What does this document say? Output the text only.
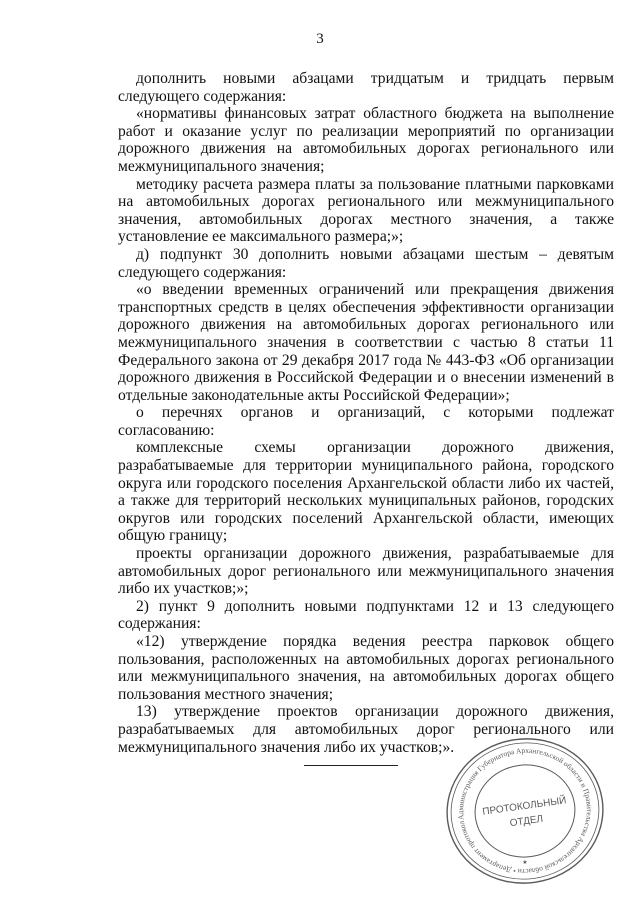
3

дополнить новыми абзацами тридцатым и тридцать первым следующего содержания:

«нормативы финансовых затрат областного бюджета на выполнение работ и оказание услуг по реализации мероприятий по организации дорожного движения на автомобильных дорогах регионального или межмуниципального значения;

методику расчета размера платы за пользование платными парковками на автомобильных дорогах регионального или межмуниципального значения, автомобильных дорогах местного значения, а также установление ее максимального размера;»;

д) подпункт 30 дополнить новыми абзацами шестым – девятым следующего содержания:

«о введении временных ограничений или прекращения движения транспортных средств в целях обеспечения эффективности организации дорожного движения на автомобильных дорогах регионального или межмуниципального значения в соответствии с частью 8 статьи 11 Федерального закона от 29 декабря 2017 года № 443-ФЗ «Об организации дорожного движения в Российской Федерации и о внесении изменений в отдельные законодательные акты Российской Федерации»;

о перечнях органов и организаций, с которыми подлежат согласованию:

комплексные схемы организации дорожного движения, разрабатываемые для территории муниципального района, городского округа или городского поселения Архангельской области либо их частей, а также для территорий нескольких муниципальных районов, городских округов или городских поселений Архангельской области, имеющих общую границу;

проекты организации дорожного движения, разрабатываемые для автомобильных дорог регионального или межмуниципального значения либо их участков;»;

2) пункт 9 дополнить новыми подпунктами 12 и 13 следующего содержания:

«12) утверждение порядка ведения реестра парковок общего пользования, расположенных на автомобильных дорогах регионального или межмуниципального значения, на автомобильных дорогах общего пользования местного значения;

13) утверждение проектов организации дорожного движения, разрабатываемых для автомобильных дорог регионального или межмуниципального значения либо их участков;».

Администрация Губернатора Архангельской области и Правительства Архангельской области • Департамент протокола
ПРОТОКОЛЬНЫЙ
ОТДЕЛ
★
